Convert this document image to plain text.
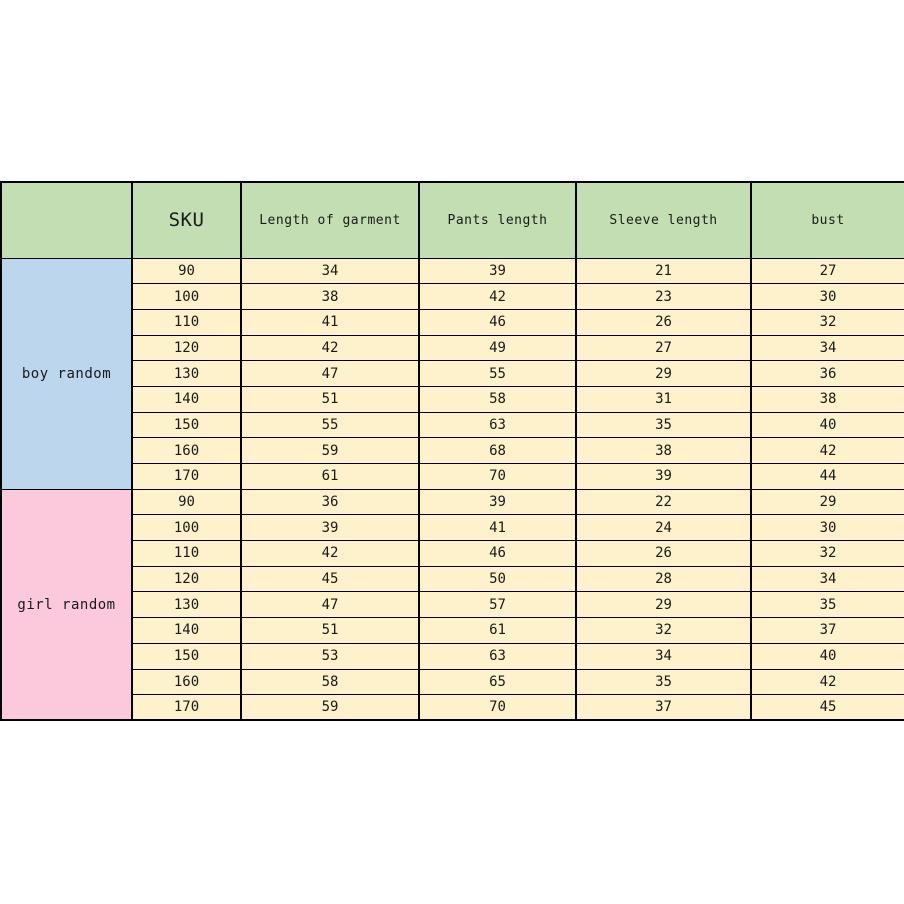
	SKU	Length of garment	Pants length	Sleeve length	bust
boy random	90	34	39	21	27
	100	38	42	23	30
	110	41	46	26	32
	120	42	49	27	34
	130	47	55	29	36
	140	51	58	31	38
	150	55	63	35	40
	160	59	68	38	42
	170	61	70	39	44
girl random	90	36	39	22	29
	100	39	41	24	30
	110	42	46	26	32
	120	45	50	28	34
	130	47	57	29	35
	140	51	61	32	37
	150	53	63	34	40
	160	58	65	35	42
	170	59	70	37	45
